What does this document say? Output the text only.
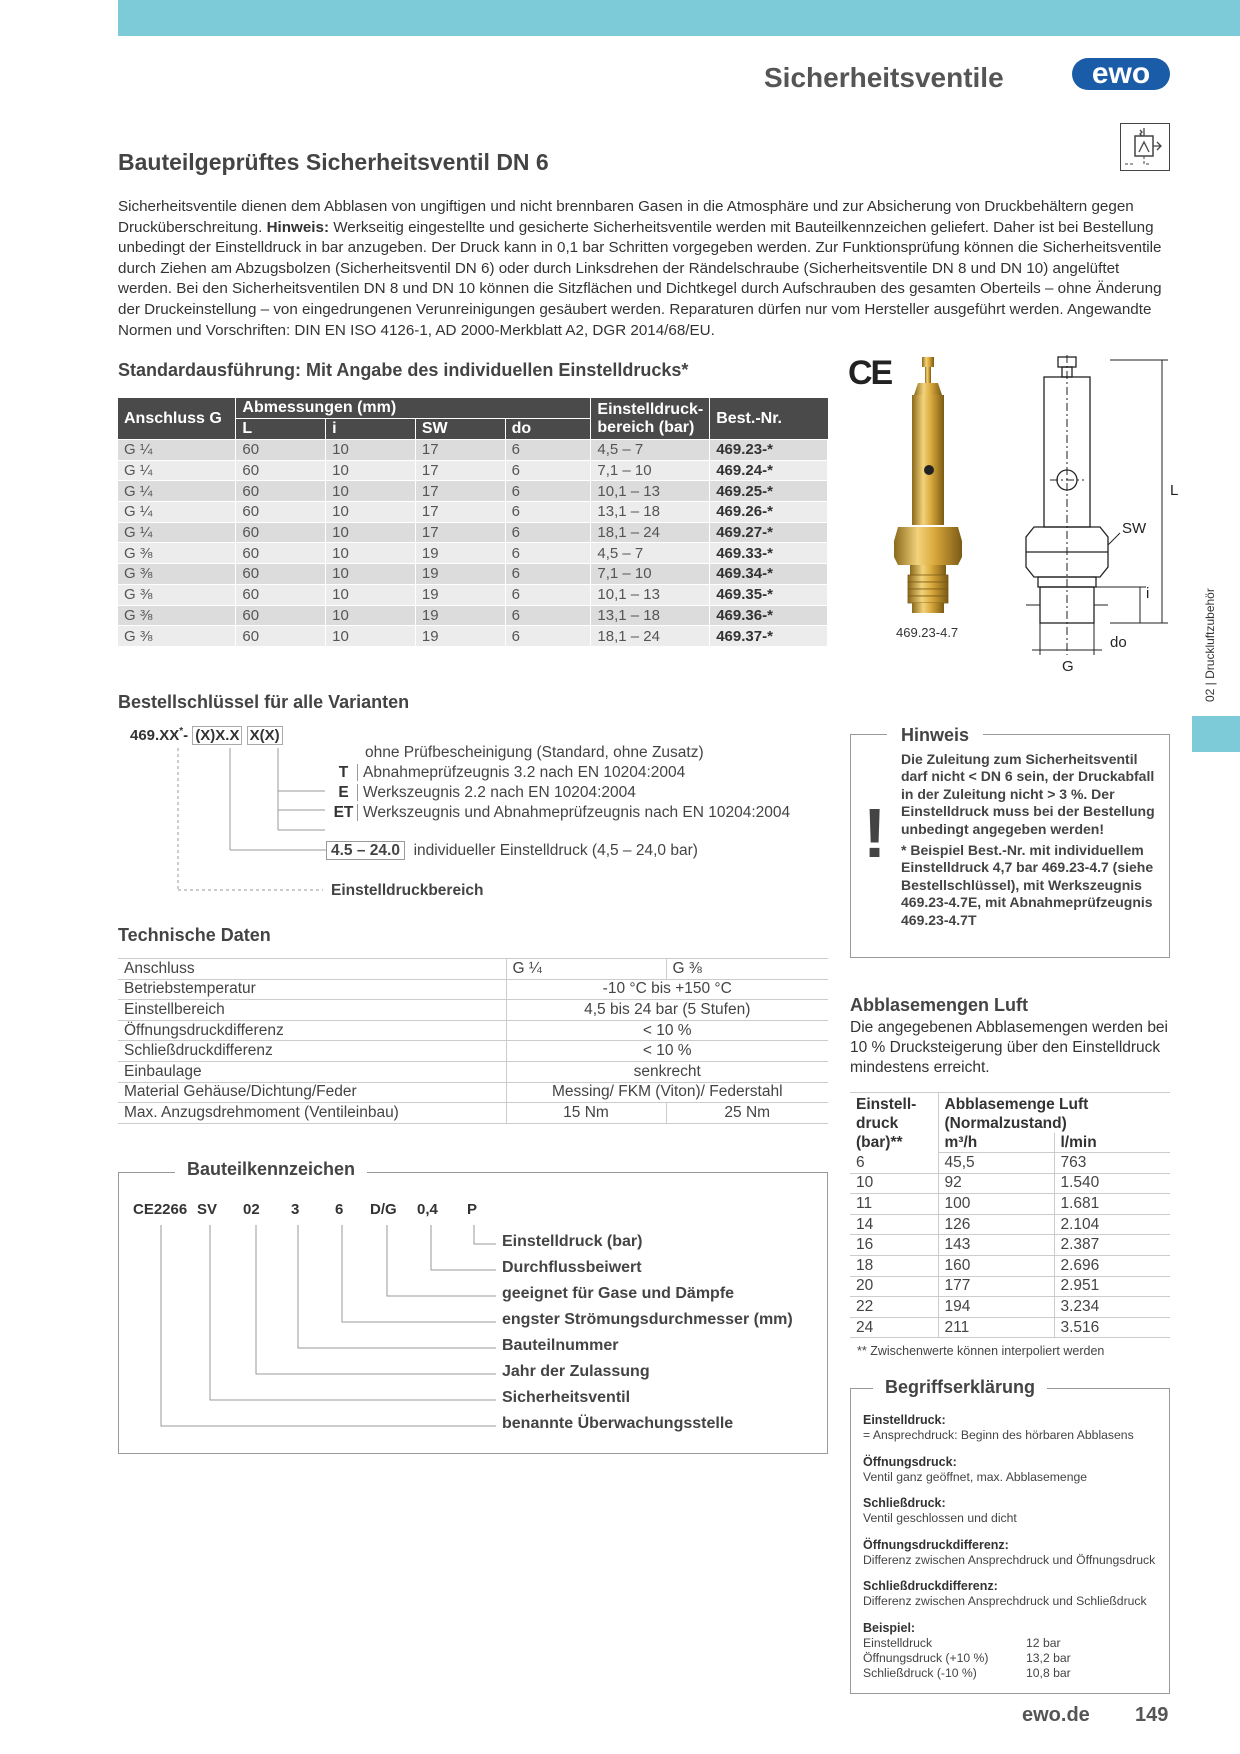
Sicherheitsventile	ewo
Bauteilgeprüftes Sicherheitsventil DN 6

Sicherheitsventile dienen dem Abblasen von ungiftigen und nicht brennbaren Gasen in die Atmosphäre und zur Absicherung von Druckbehältern gegen Drucküberschreitung. Hinweis: Werkseitig eingestellte und gesicherte Sicherheitsventile werden mit Bauteilkennzeichen geliefert. Daher ist bei Bestellung unbedingt der Einstelldruck in bar anzugeben. Der Druck kann in 0,1 bar Schritten vorgegeben werden. Zur Funktionsprüfung können die Sicherheitsventile durch Ziehen am Abzugsbolzen (Sicherheitsventil DN 6) oder durch Linksdrehen der Rändelschraube (Sicherheitsventile DN 8 und DN 10) angelüftet werden. Bei den Sicherheitsventilen DN 8 und DN 10 können die Sitzflächen und Dichtkegel durch Aufschrauben des gesamten Oberteils – ohne Änderung der Druckeinstellung – von eingedrungenen Verunreinigungen gesäubert werden. Reparaturen dürfen nur vom Hersteller ausgeführt werden. Angewandte Normen und Vorschriften: DIN EN ISO 4126-1, AD 2000-Merkblatt A2, DGR 2014/68/EU.

Standardausführung: Mit Angabe des individuellen Einstelldrucks*
Anschluss G	Abmessungen (mm)				Einstelldruck-
bereich (bar)	Best.-Nr.
	L	i	SW	do		
G ¼	60	10	17	6	4,5 – 7	469.23-*
G ¼	60	10	17	6	7,1 – 10	469.24-*
G ¼	60	10	17	6	10,1 – 13	469.25-*
G ¼	60	10	17	6	13,1 – 18	469.26-*
G ¼	60	10	17	6	18,1 – 24	469.27-*
G ⅜	60	10	19	6	4,5 – 7	469.33-*
G ⅜	60	10	19	6	7,1 – 10	469.34-*
G ⅜	60	10	19	6	10,1 – 13	469.35-*
G ⅜	60	10	19	6	13,1 – 18	469.36-*
G ⅜	60	10	19	6	18,1 – 24	469.37-*
CE
469.23-4.7
L
SW
i
do
G	02 | Druckluftzubehör
Bestellschlüssel für alle Varianten
469.XX*- (X)X.X X(X)
ohne Prüfbescheinigung (Standard, ohne Zusatz)
T Abnahmeprüfzeugnis 3.2 nach EN 10204:2004
E Werkszeugnis 2.2 nach EN 10204:2004
ET Werkszeugnis und Abnahmeprüfzeugnis nach EN 10204:2004
4.5 – 24.0 individueller Einstelldruck (4,5 – 24,0 bar)
Einstelldruckbereich
Technische Daten
Anschluss	G ¼	G ⅜
Betriebstemperatur	-10 °C bis +150 °C	
Einstellbereich	4,5 bis 24 bar (5 Stufen)	
Öffnungsdruckdifferenz	< 10 %	
Schließdruckdifferenz	< 10 %	
Einbaulage	senkrecht	
Material Gehäuse/Dichtung/Feder	Messing/ FKM (Viton)/ Federstahl	
Max. Anzugsdrehmoment (Ventileinbau)	15 Nm	25 Nm
Bauteilkennzeichen
CE2266 SV 02 3 6 D/G 0,4 P
Einstelldruck (bar)
Durchflussbeiwert
geeignet für Gase und Dämpfe
engster Strömungsdurchmesser (mm)
Bauteilnummer
Jahr der Zulassung
Sicherheitsventil
benannte Überwachungsstelle
Hinweis
!

Die Zuleitung zum Sicherheitsventil darf nicht < DN 6 sein, der Druckabfall in der Zuleitung nicht > 3 %. Der Einstelldruck muss bei der Bestellung unbedingt angegeben werden!

* Beispiel Best.-Nr. mit individuellem Einstelldruck 4,7 bar 469.23-4.7 (siehe Bestellschlüssel), mit Werkszeugnis 469.23-4.7E, mit Abnahmeprüfzeugnis 469.23-4.7T

Abblasemengen Luft
Die angegebenen Abblasemengen werden bei 10 % Drucksteigerung über den Einstelldruck mindestens erreicht.
Einstell-
druck
(bar)**	Abblasemenge Luft
(Normalzustand)	
	m³/h	l/min
6	45,5	763
10	92	1.540
11	100	1.681
14	126	2.104
16	143	2.387
18	160	2.696
20	177	2.951
22	194	3.234
24	211	3.516
** Zwischenwerte können interpoliert werden
Begriffserklärung
Einstelldruck:
= Ansprechdruck: Beginn des hörbaren Abblasens
Öffnungsdruck:
Ventil ganz geöffnet, max. Abblasemenge
Schließdruck:
Ventil geschlossen und dicht
Öffnungsdruckdifferenz:
Differenz zwischen Ansprechdruck und Öffnungsdruck
Schließdruckdifferenz:
Differenz zwischen Ansprechdruck und Schließdruck
Beispiel:
Einstelldruck	12 bar
Öffnungsdruck (+10 %)	13,2 bar
Schließdruck (-10 %)	10,8 bar
ewo.de 149
